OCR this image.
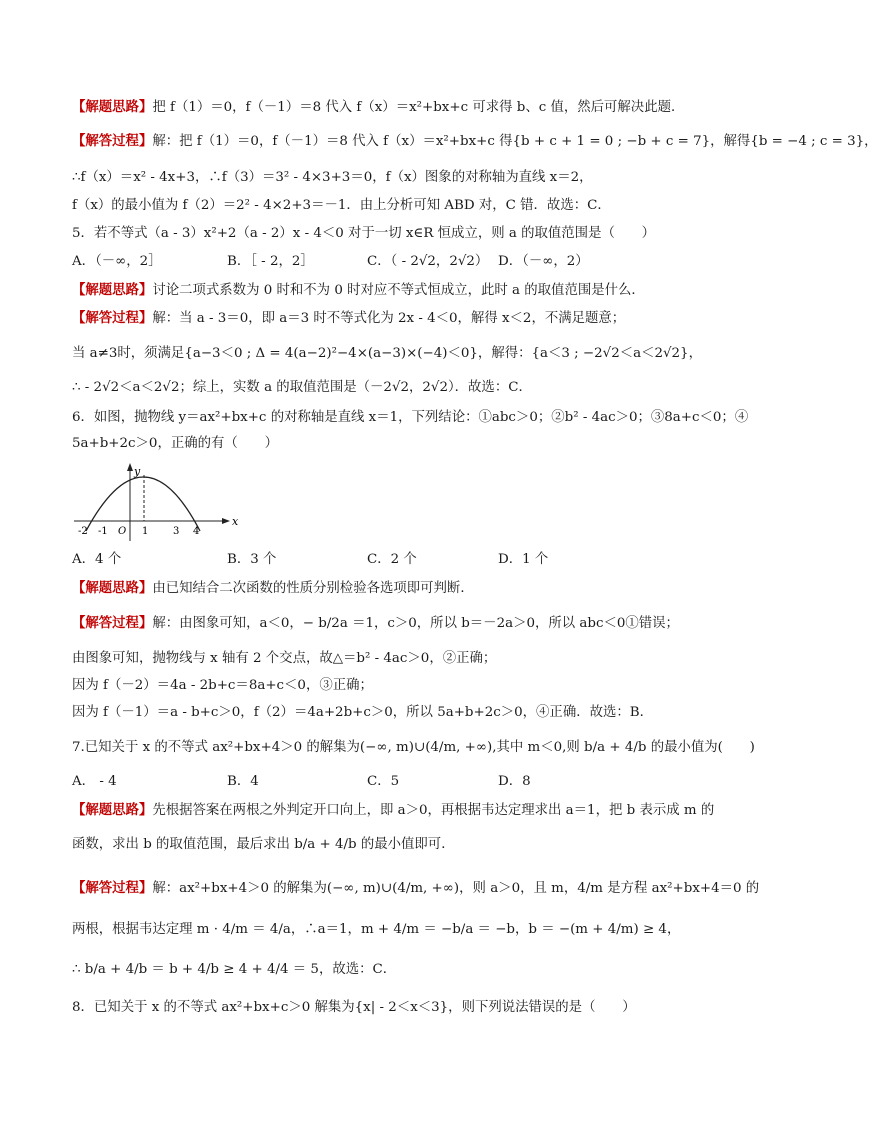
【解题思路】把 f（1）＝0，f（－1）＝8 代入 f（x）＝x²+bx+c 可求得 b、c 值，然后可解决此题．
【解答过程】解：把 f（1）＝0，f（－1）＝8 代入 f（x）＝x²+bx+c 得{b + c + 1 = 0 ; −b + c = 7}，解得{b = −4 ; c = 3}，
∴f（x）＝x² - 4x+3，∴f（3）＝3² - 4×3+3＝0，f（x）图象的对称轴为直线 x＝2，
f（x）的最小值为 f（2）＝2² - 4×2+3＝－1．由上分析可知 ABD 对，C 错．故选：C．
5．若不等式（a - 3）x²+2（a - 2）x - 4＜0 对于一切 x∈R 恒成立，则 a 的取值范围是（　　）
A．（－∞，2］	B．［ - 2，2］	C．（ - 2√2，2√2） D．（－∞，2）
【解题思路】讨论二项式系数为 0 时和不为 0 时对应不等式恒成立，此时 a 的取值范围是什么．
【解答过程】解：当 a - 3＝0，即 a＝3 时不等式化为 2x - 4＜0，解得 x＜2，不满足题意；
当 a≠3时，须满足{a−3＜0 ; Δ = 4(a−2)²−4×(a−3)×(−4)＜0}，解得：{a＜3 ; −2√2＜a＜2√2}，
∴ - 2√2＜a＜2√2；综上，实数 a 的取值范围是（－2√2，2√2）．故选：C．
6．如图，抛物线 y＝ax²+bx+c 的对称轴是直线 x＝1，下列结论：①abc＞0；②b² - 4ac＞0；③8a+c＜0；④
5a+b+2c＞0，正确的有（　　）
x
y
O
-2 -1	1 3 4
A．4 个	B．3 个	C．2 个	D．1 个
【解题思路】由已知结合二次函数的性质分别检验各选项即可判断．
【解答过程】解：由图象可知，a＜0，− b/2a ＝1，c＞0，所以 b＝－2a＞0，所以 abc＜0①错误；
由图象可知，抛物线与 x 轴有 2 个交点，故△＝b² - 4ac＞0，②正确；
因为 f（－2）＝4a - 2b+c＝8a+c＜0，③正确；
因为 f（－1）＝a - b+c＞0，f（2）＝4a+2b+c＞0，所以 5a+b+2c＞0，④正确．故选：B．
7.已知关于 x 的不等式 ax²+bx+4＞0 的解集为(−∞, m)∪(4/m, +∞),其中 m＜0,则 b/a + 4/b 的最小值为(　　)
A． - 4	B．4	C．5	D．8
【解题思路】先根据答案在两根之外判定开口向上，即 a＞0，再根据韦达定理求出 a＝1，把 b 表示成 m 的
函数，求出 b 的取值范围，最后求出 b/a + 4/b 的最小值即可．
【解答过程】解：ax²+bx+4＞0 的解集为(−∞, m)∪(4/m, +∞)，则 a＞0，且 m，4/m 是方程 ax²+bx+4＝0 的
两根，根据韦达定理 m · 4/m ＝ 4/a，∴a＝1，m + 4/m ＝ −b/a ＝ −b，b ＝ −(m + 4/m) ≥ 4，
∴ b/a + 4/b ＝ b + 4/b ≥ 4 + 4/4 ＝ 5，故选：C．
8．已知关于 x 的不等式 ax²+bx+c＞0 解集为{x| - 2＜x＜3}，则下列说法错误的是（　　）
